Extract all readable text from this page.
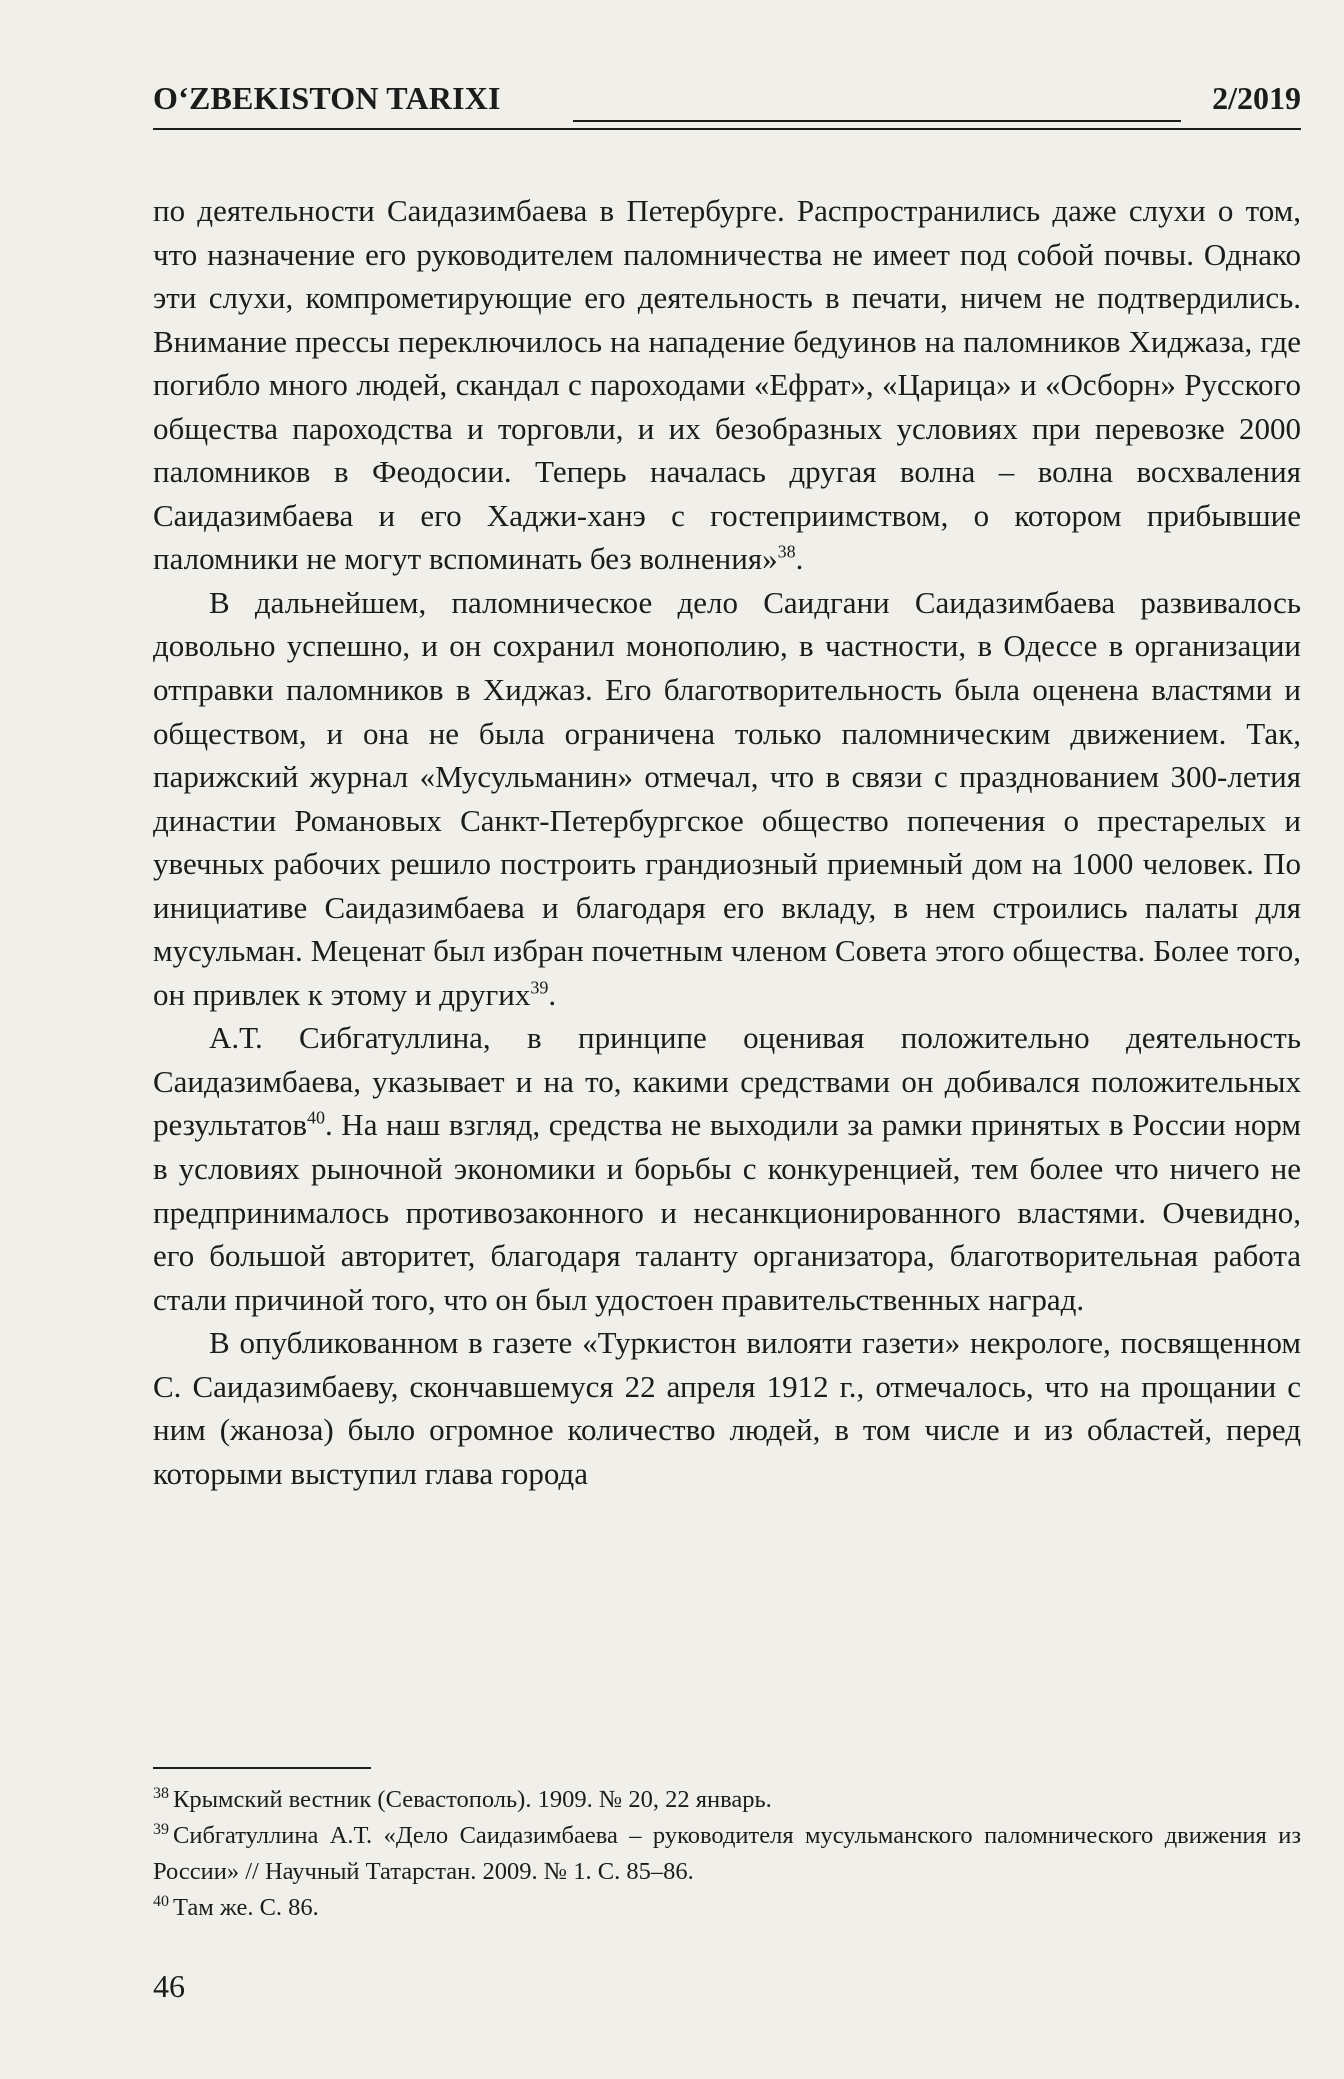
O‘ZBEKISTON TARIXI	2/2019

по деятельности Саидазимбаева в Петербурге. Распространились даже слухи о том, что назначение его руководителем паломничества не имеет под собой почвы. Однако эти слухи, компрометирующие его деятельность в печати, ничем не подтвердились. Внимание прессы переключилось на нападение бедуинов на паломников Хиджаза, где погибло много людей, скандал с пароходами «Ефрат», «Царица» и «Осборн» Русского общества пароходства и торговли, и их безобразных условиях при перевозке 2000 паломников в Феодосии. Теперь началась другая волна – волна восхваления Саидазимбаева и его Хаджи-ханэ с гостеприимством, о котором прибывшие паломники не могут вспоминать без волнения»$^{38}$.

В дальнейшем, паломническое дело Саидгани Саидазимбаева развивалось довольно успешно, и он сохранил монополию, в частности, в Одессе в организации отправки паломников в Хиджаз. Его благотворительность была оценена властями и обществом, и она не была ограничена только паломническим движением. Так, парижский журнал «Мусульманин» отмечал, что в связи с празднованием 300-летия династии Романовых Санкт-Петербургское общество попечения о престарелых и увечных рабочих решило построить грандиозный приемный дом на 1000 человек. По инициативе Саидазимбаева и благодаря его вкладу, в нем строились палаты для мусульман. Меценат был избран почетным членом Совета этого общества. Более того, он привлек к этому и других$^{39}$.

А.Т. Сибгатуллина, в принципе оценивая положительно деятельность Саидазимбаева, указывает и на то, какими средствами он добивался положительных результатов$^{40}$. На наш взгляд, средства не выходили за рамки принятых в России норм в условиях рыночной экономики и борьбы с конкуренцией, тем более что ничего не предпринималось противозаконного и несанкционированного властями. Очевидно, его большой авторитет, благодаря таланту организатора, благотворительная работа стали причиной того, что он был удостоен правительственных наград.

В опубликованном в газете «Туркистон вилояти газети» некрологе, посвященном С. Саидазимбаеву, скончавшемуся 22 апреля 1912 г., отмечалось, что на прощании с ним (жаноза) было огромное количество людей, в том числе и из областей, перед которыми выступил глава города

$^{38}$ Крымский вестник (Севастополь). 1909. № 20, 22 январь.

$^{39}$ Сибгатуллина А.Т. «Дело Саидазимбаева – руководителя мусульманского паломнического движения из России» // Научный Татарстан. 2009. № 1. С. 85–86.

$^{40}$ Там же. С. 86.

46
